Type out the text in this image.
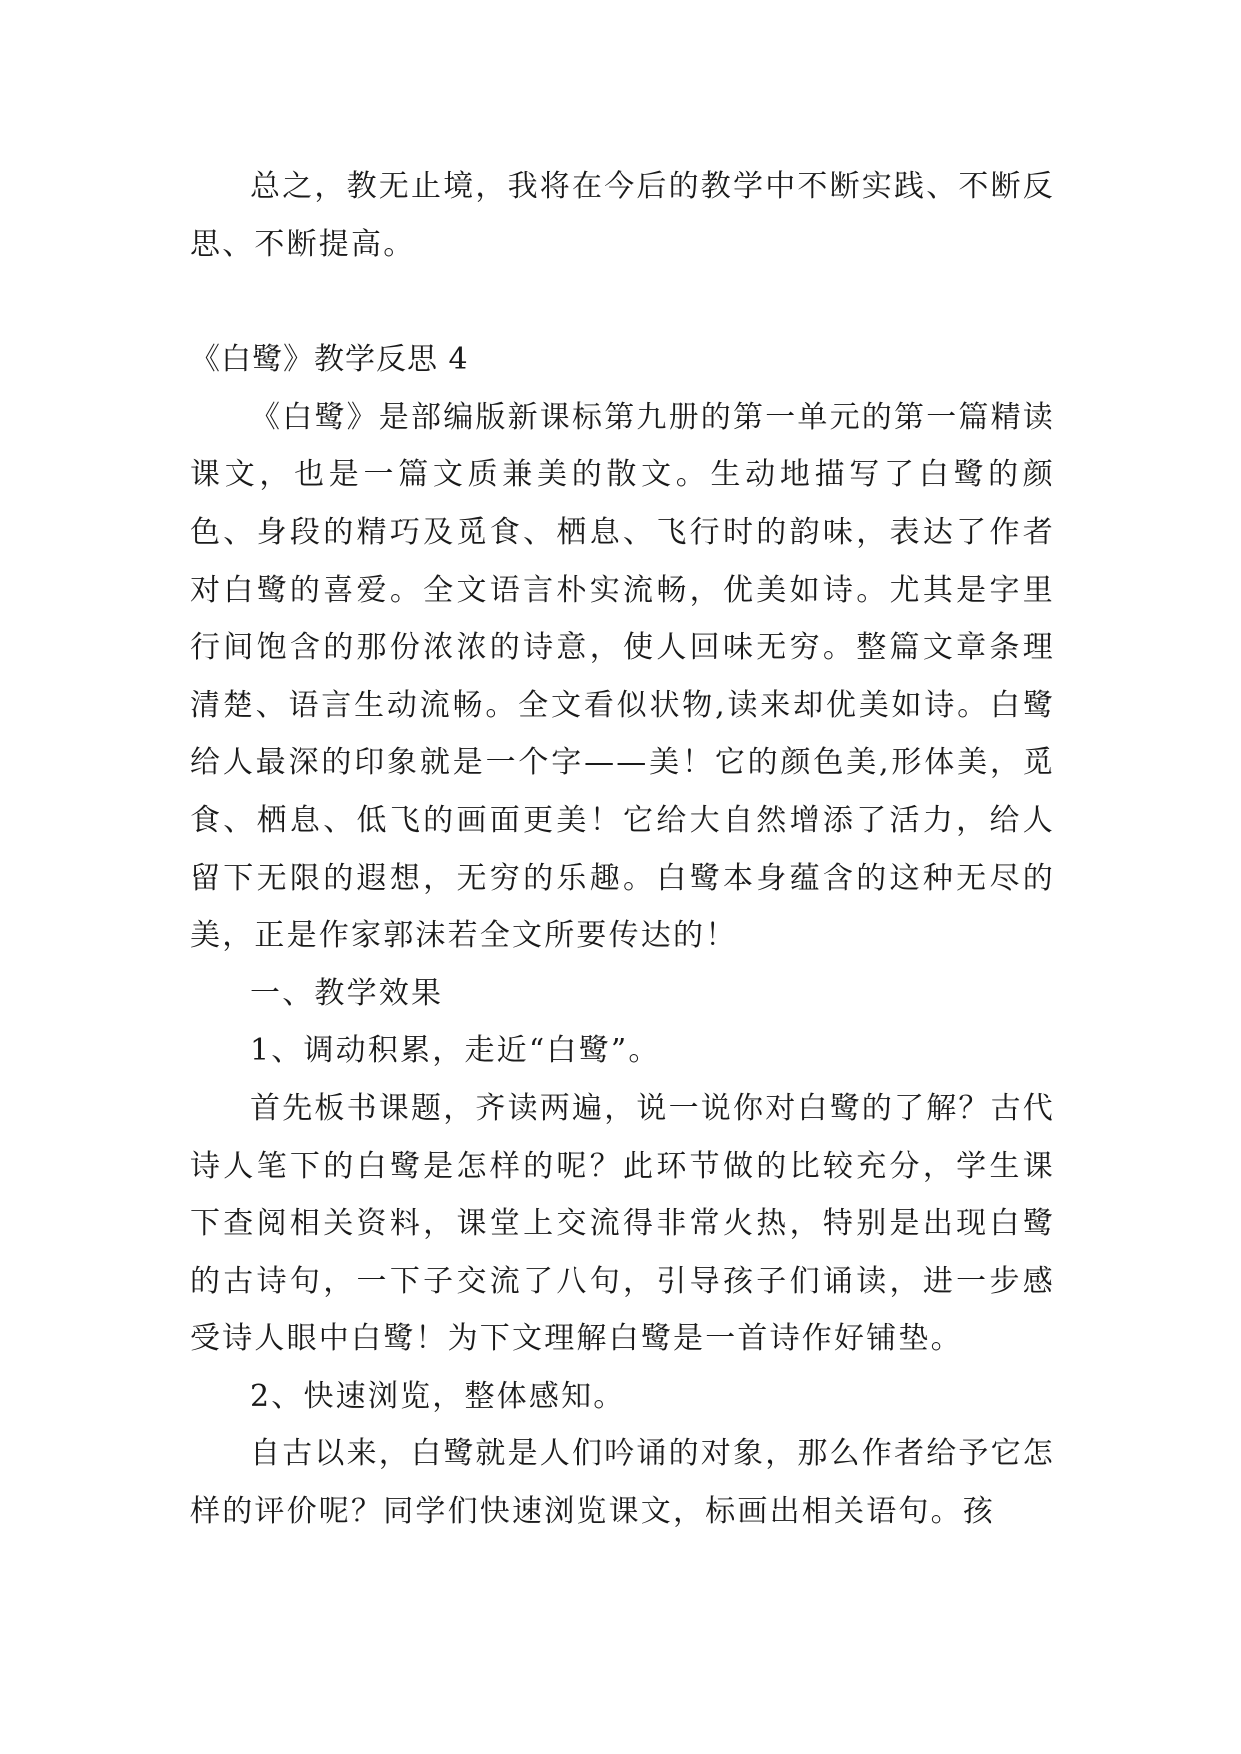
总之，教无止境，我将在今后的教学中不断实践、不断反思、不断提高。

《白鹭》教学反思 4

《白鹭》是部编版新课标第九册的第一单元的第一篇精读课文，也是一篇文质兼美的散文。生动地描写了白鹭的颜色、身段的精巧及觅食、栖息、飞行时的韵味，表达了作者对白鹭的喜爱。全文语言朴实流畅，优美如诗。尤其是字里行间饱含的那份浓浓的诗意，使人回味无穷。整篇文章条理清楚、语言生动流畅。全文看似状物,读来却优美如诗。白鹭给人最深的印象就是一个字——美！它的颜色美,形体美，觅食、栖息、低飞的画面更美！它给大自然增添了活力，给人留下无限的遐想，无穷的乐趣。白鹭本身蕴含的这种无尽的美，正是作家郭沫若全文所要传达的！

一、教学效果

1、调动积累，走近“白鹭”。

首先板书课题，齐读两遍，说一说你对白鹭的了解？古代诗人笔下的白鹭是怎样的呢？此环节做的比较充分，学生课下查阅相关资料，课堂上交流得非常火热，特别是出现白鹭的古诗句，一下子交流了八句，引导孩子们诵读，进一步感受诗人眼中白鹭！为下文理解白鹭是一首诗作好铺垫。

2、快速浏览，整体感知。

自古以来，白鹭就是人们吟诵的对象，那么作者给予它怎样的评价呢？同学们快速浏览课文，标画出相关语句。孩
